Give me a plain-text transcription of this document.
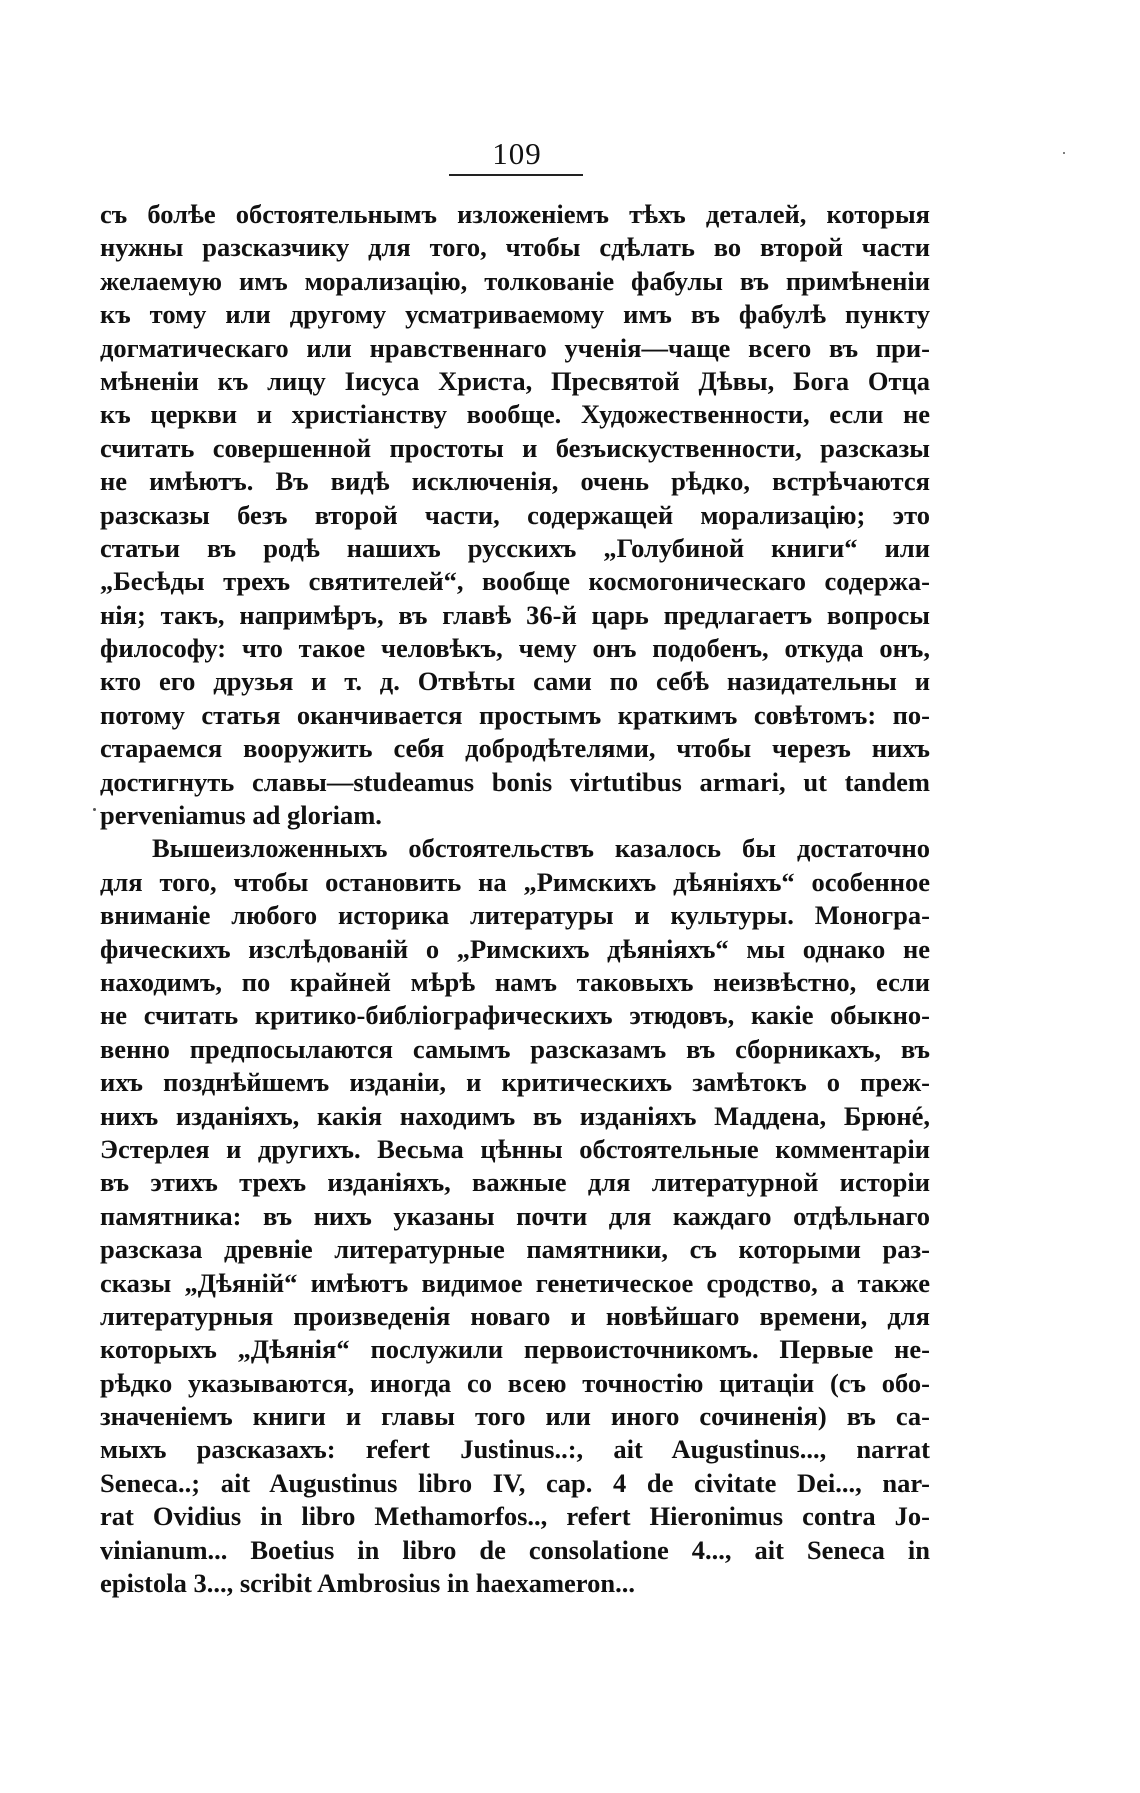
109
съ болѣе обстоятельнымъ изложеніемъ тѣхъ деталей, которыя
нужны разсказчику для того, чтобы сдѣлать во второй части
желаемую имъ морализацію, толкованіе фабулы въ примѣненіи
къ тому или другому усматриваемому имъ въ фабулѣ пункту
догматическаго или нравственнаго ученія—чаще всего въ при-
мѣненіи къ лицу Іисуса Христа, Пресвятой Дѣвы, Бога Отца
къ церкви и христіанству вообще. Худoжественности, если не
считать совершенной простоты и безъискуственности, разсказы
не имѣютъ. Въ видѣ исключенія, очень рѣдко, встрѣчаются
разсказы безъ второй части, содержащей морализацію; это
статьи въ родѣ нашихъ русскихъ „Голубиной книги“ или
„Бесѣды трехъ святителей“, вообще космогоническаго содержа-
нія; такъ, напримѣръ, въ главѣ 36-й царь предлагаетъ вопросы
философу: что такое человѣкъ, чему онъ подобенъ, откуда онъ,
кто его друзья и т. д. Отвѣты сами по себѣ назидательны и
потому статья оканчивается простымъ краткимъ совѣтомъ: по-
стараемся вооружить себя добродѣтелями, чтобы черезъ нихъ
достигнуть славы—studeamus bonis virtutibus armari, ut tandem
perveniamus ad gloriam.
Вышеизложенныхъ обстоятельствъ казалось бы достаточно
для того, чтобы остановить на „Римскихъ дѣяніяхъ“ особенное
вниманіе любого историка литературы и культуры. Моногра-
фическихъ изслѣдованій о „Римскихъ дѣяніяхъ“ мы однако не
находимъ, по крайней мѣрѣ намъ таковыхъ неизвѣстно, если
не считать критико-библіографическихъ этюдовъ, какіе обыкно-
венно предпосылаются самымъ разсказамъ въ сборникахъ, въ
ихъ позднѣйшемъ изданіи, и критическихъ замѣтокъ о преж-
нихъ изданіяхъ, какія находимъ въ изданіяхъ Маддена, Брюнé,
Эстерлея и другихъ. Весьма цѣнны обстоятельные комментаріи
въ этихъ трехъ изданіяхъ, важные для литературной исторіи
памятника: въ нихъ указаны почти для каждаго отдѣльнаго
разсказа древніе литературные памятники, съ которыми раз-
сказы „Дѣяній“ имѣютъ видимое генетическое сродство, а также
литературныя произведенія новаго и новѣйшаго времени, для
которыхъ „Дѣянія“ послужили первоисточникомъ. Первые не-
рѣдко указываются, иногда со всею точностію цитаціи (съ обо-
значеніемъ книги и главы того или иного сочиненія) въ са-
мыхъ разсказахъ: refert Justinus..:, ait Augustinus..., narrat
Seneca..; ait Augustinus libro IV, cap. 4 de civitate Dei..., nar-
rat Ovidius in libro Methamorfos.., refert Hieronimus contra Jo-
vinianum... Boetius in libro de consolatione 4..., ait Seneca in
epistola 3..., scribit Ambrosius in haexameron...
